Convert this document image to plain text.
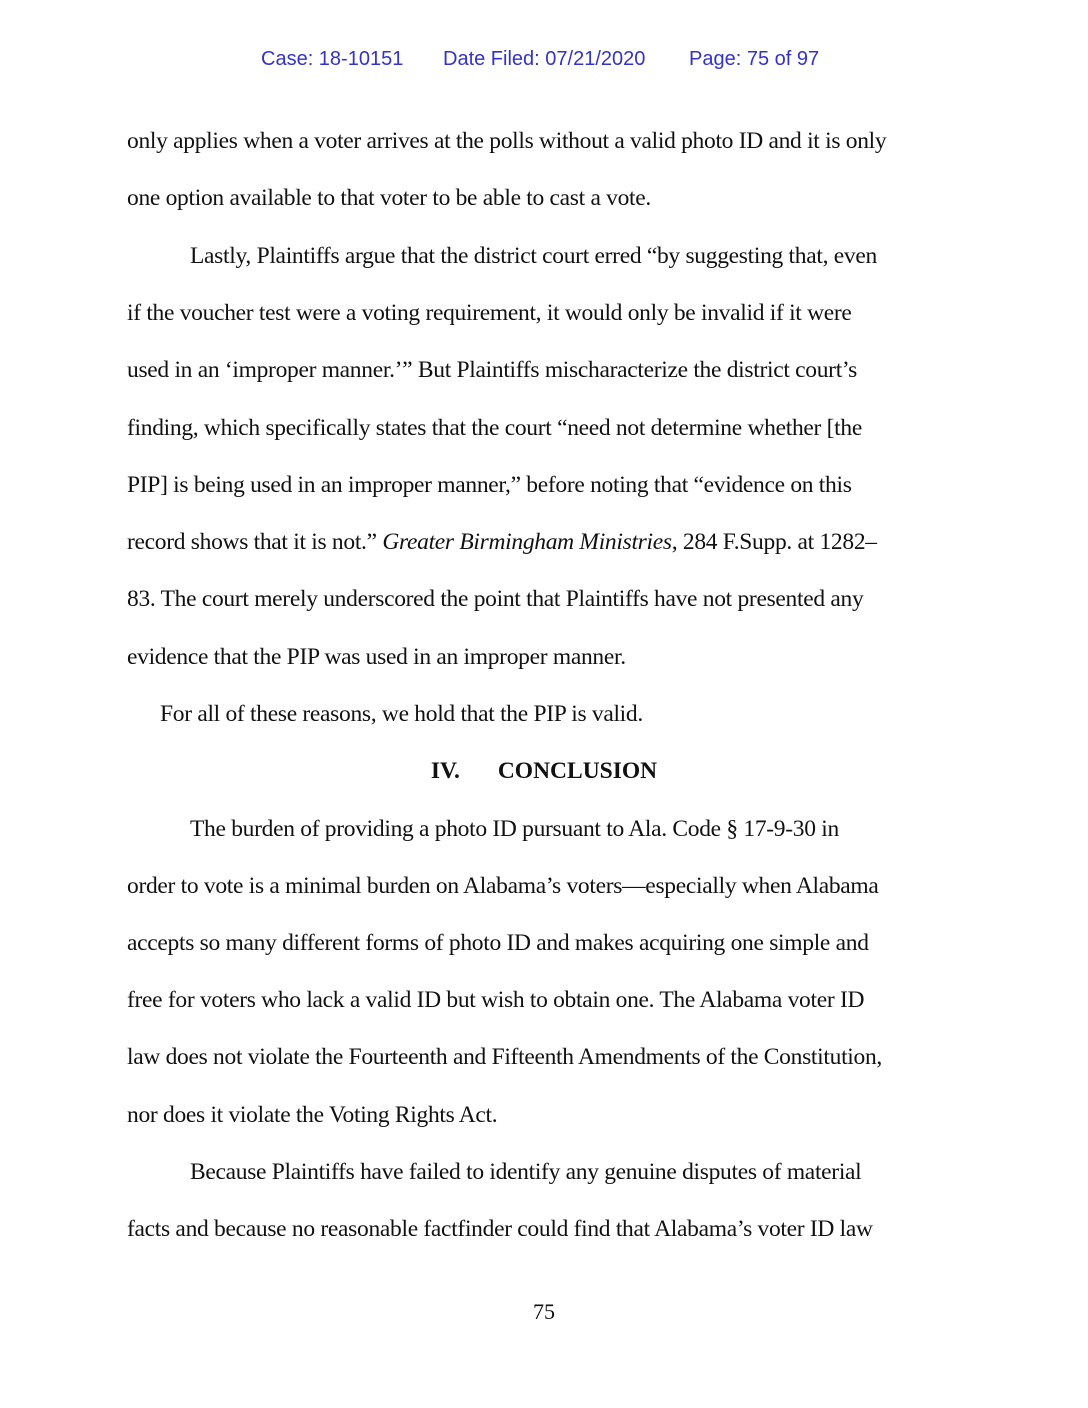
Case: 18-10151 Date Filed: 07/21/2020 Page: 75 of 97
only applies when a voter arrives at the polls without a valid photo ID and it is only
one option available to that voter to be able to cast a vote.
Lastly, Plaintiffs argue that the district court erred “by suggesting that, even
if the voucher test were a voting requirement, it would only be invalid if it were
used in an ‘improper manner.’” But Plaintiffs mischaracterize the district court’s
finding, which specifically states that the court “need not determine whether [the
PIP] is being used in an improper manner,” before noting that “evidence on this
record shows that it is not.” Greater Birmingham Ministries, 284 F.Supp. at 1282–
83. The court merely underscored the point that Plaintiffs have not presented any
evidence that the PIP was used in an improper manner.
For all of these reasons, we hold that the PIP is valid.
IV. CONCLUSION
The burden of providing a photo ID pursuant to Ala. Code § 17-9-30 in
order to vote is a minimal burden on Alabama’s voters—especially when Alabama
accepts so many different forms of photo ID and makes acquiring one simple and
free for voters who lack a valid ID but wish to obtain one. The Alabama voter ID
law does not violate the Fourteenth and Fifteenth Amendments of the Constitution,
nor does it violate the Voting Rights Act.
Because Plaintiffs have failed to identify any genuine disputes of material
facts and because no reasonable factfinder could find that Alabama’s voter ID law
75
